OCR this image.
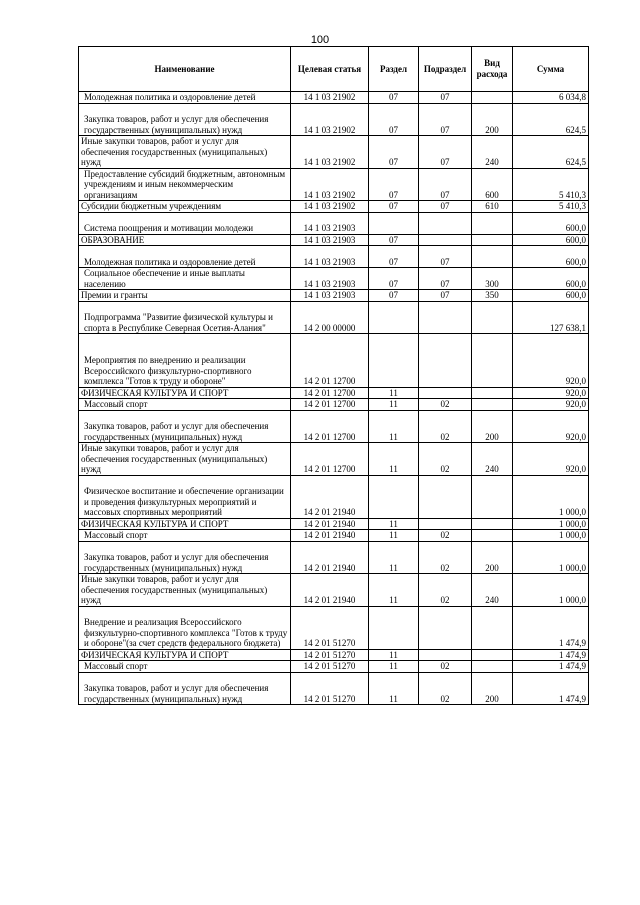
100
Наименование	Целевая статья	Раздел	Подраздел	Вид расхода	Сумма
Молодежная политика и оздоровление детей	14 1 03 21902	07	07		6 034,8
Закупка товаров, работ и услуг для обеспечения государственных (муниципальных) нужд	14 1 03 21902	07	07	200	624,5
Иные закупки товаров, работ и услуг для обеспечения государственных (муниципальных) нужд	14 1 03 21902	07	07	240	624,5
Предоставление субсидий бюджетным, автономным учреждениям и иным некоммерческим организациям	14 1 03 21902	07	07	600	5 410,3
Субсидии бюджетным учреждениям	14 1 03 21902	07	07	610	5 410,3
Система поощрения и мотивации молодежи	14 1 03 21903				600,0
ОБРАЗОВАНИЕ	14 1 03 21903	07			600,0
Молодежная политика и оздоровление детей	14 1 03 21903	07	07		600,0
Социальное обеспечение и иные выплаты населению	14 1 03 21903	07	07	300	600,0
Премии и гранты	14 1 03 21903	07	07	350	600,0
Подпрограмма "Развитие физической культуры и спорта в Республике Северная Осетия-Алания"	14 2 00 00000				127 638,1
Мероприятия по внедрению и реализации Всероссийского физкультурно-спортивного комплекса "Готов к труду и обороне"	14 2 01 12700				920,0
ФИЗИЧЕСКАЯ КУЛЬТУРА И СПОРТ	14 2 01 12700	11			920,0
Массовый спорт	14 2 01 12700	11	02		920,0
Закупка товаров, работ и услуг для обеспечения государственных (муниципальных) нужд	14 2 01 12700	11	02	200	920,0
Иные закупки товаров, работ и услуг для обеспечения государственных (муниципальных) нужд	14 2 01 12700	11	02	240	920,0
Физическое воспитание и обеспечение организации и проведения физкультурных мероприятий и массовых спортивных мероприятий	14 2 01 21940				1 000,0
ФИЗИЧЕСКАЯ КУЛЬТУРА И СПОРТ	14 2 01 21940	11			1 000,0
Массовый спорт	14 2 01 21940	11	02		1 000,0
Закупка товаров, работ и услуг для обеспечения государственных (муниципальных) нужд	14 2 01 21940	11	02	200	1 000,0
Иные закупки товаров, работ и услуг для обеспечения государственных (муниципальных) нужд	14 2 01 21940	11	02	240	1 000,0
Внедрение и реализация Всероссийского физкультурно-спортивного комплекса "Готов к труду и обороне"(за счет средств федерального бюджета)	14 2 01 51270				1 474,9
ФИЗИЧЕСКАЯ КУЛЬТУРА И СПОРТ	14 2 01 51270	11			1 474,9
Массовый спорт	14 2 01 51270	11	02		1 474,9
Закупка товаров, работ и услуг для обеспечения государственных (муниципальных) нужд	14 2 01 51270	11	02	200	1 474,9
